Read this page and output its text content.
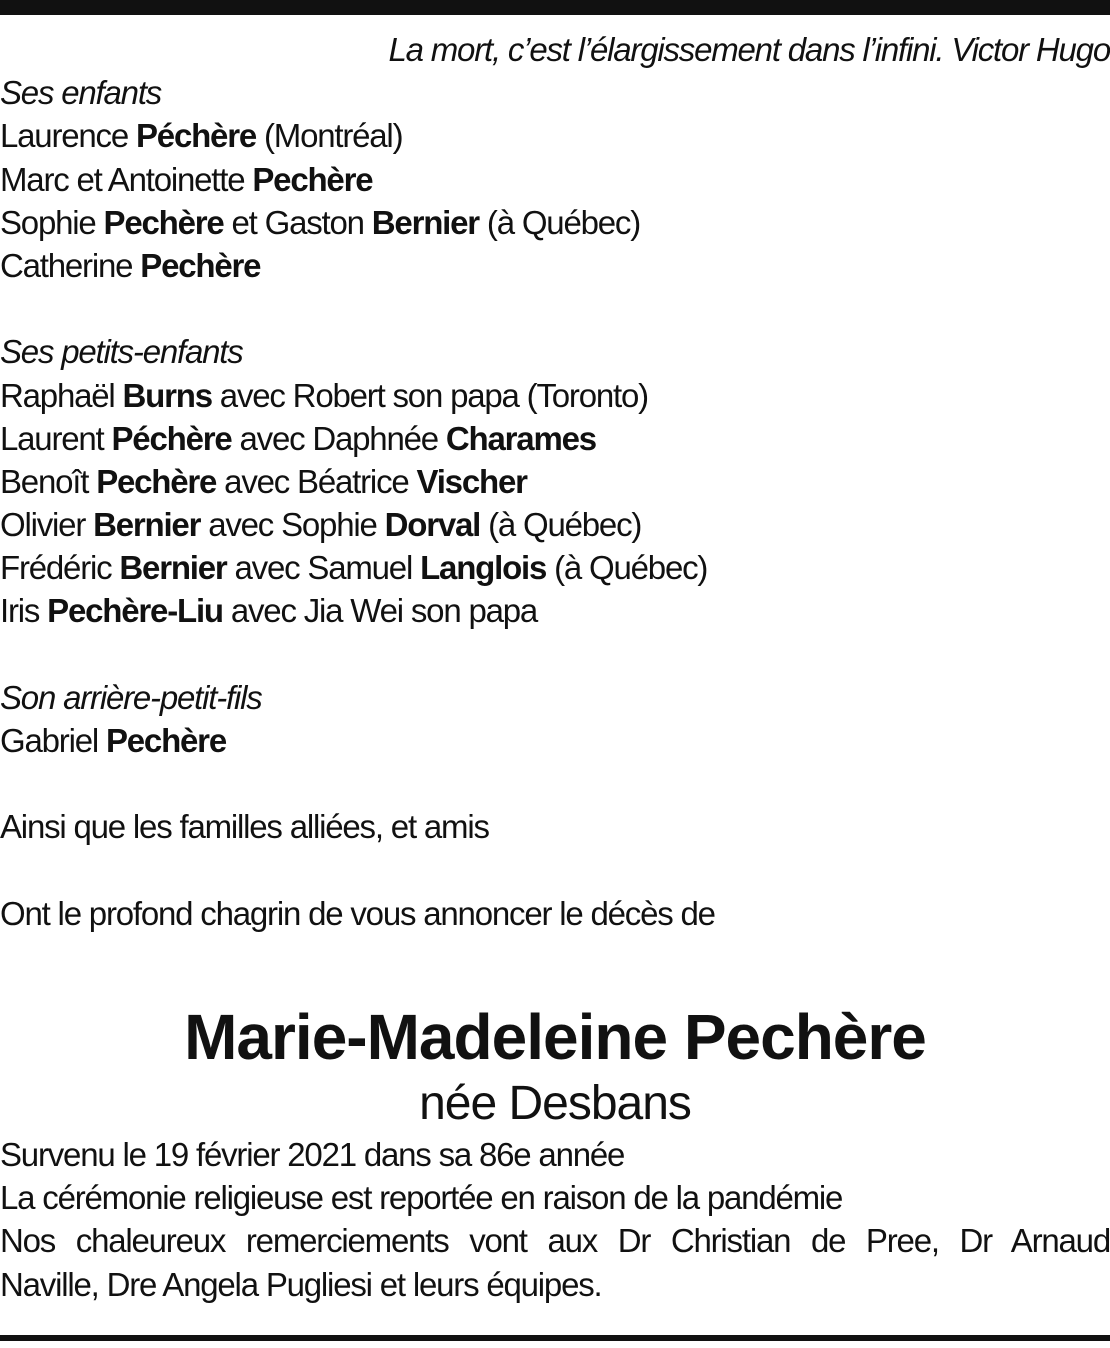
La mort, c’est l’élargissement dans l’infini. Victor Hugo
Ses enfants
Laurence Péchère (Montréal)
Marc et Antoinette Pechère
Sophie Pechère et Gaston Bernier (à Québec)
Catherine Pechère
Ses petits-enfants
Raphaël Burns avec Robert son papa (Toronto)
Laurent Péchère avec Daphnée Charames
Benoît Pechère avec Béatrice Vischer
Olivier Bernier avec Sophie Dorval (à Québec)
Frédéric Bernier avec Samuel Langlois (à Québec)
Iris Pechère-Liu avec Jia Wei son papa
Son arrière-petit-fils
Gabriel Pechère
Ainsi que les familles alliées, et amis
Ont le profond chagrin de vous annoncer le décès de
Marie-Madeleine Pechère
née Desbans
Survenu le 19 février 2021 dans sa 86e année
La cérémonie religieuse est reportée en raison de la pandémie
Nos chaleureux remerciements vont aux Dr Christian de Pree, Dr Arnaud
Naville, Dre Angela Pugliesi et leurs équipes.
